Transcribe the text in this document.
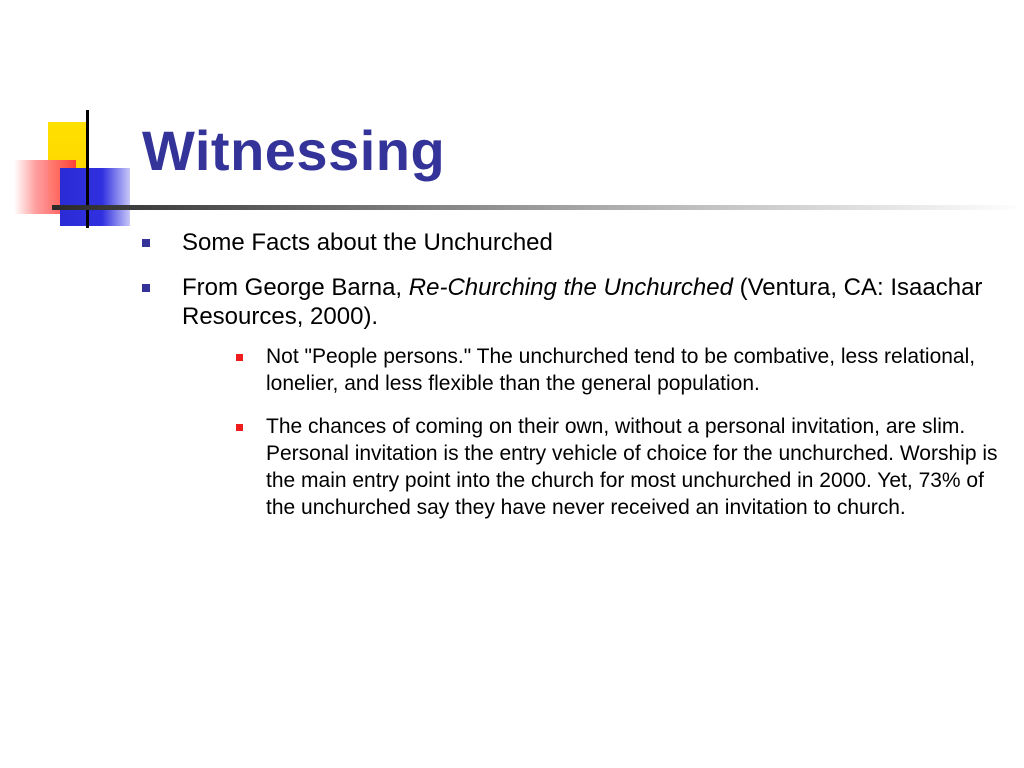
Witnessing
Some Facts about the Unchurched
From George Barna, Re-Churching the Unchurched (Ventura, CA: Isaachar Resources, 2000).
Not "People persons." The unchurched tend to be combative, less relational, lonelier, and less flexible than the general population.
The chances of coming on their own, without a personal invitation, are slim. Personal invitation is the entry vehicle of choice for the unchurched. Worship is the main entry point into the church for most unchurched in 2000. Yet, 73% of the unchurched say they have never received an invitation to church.
